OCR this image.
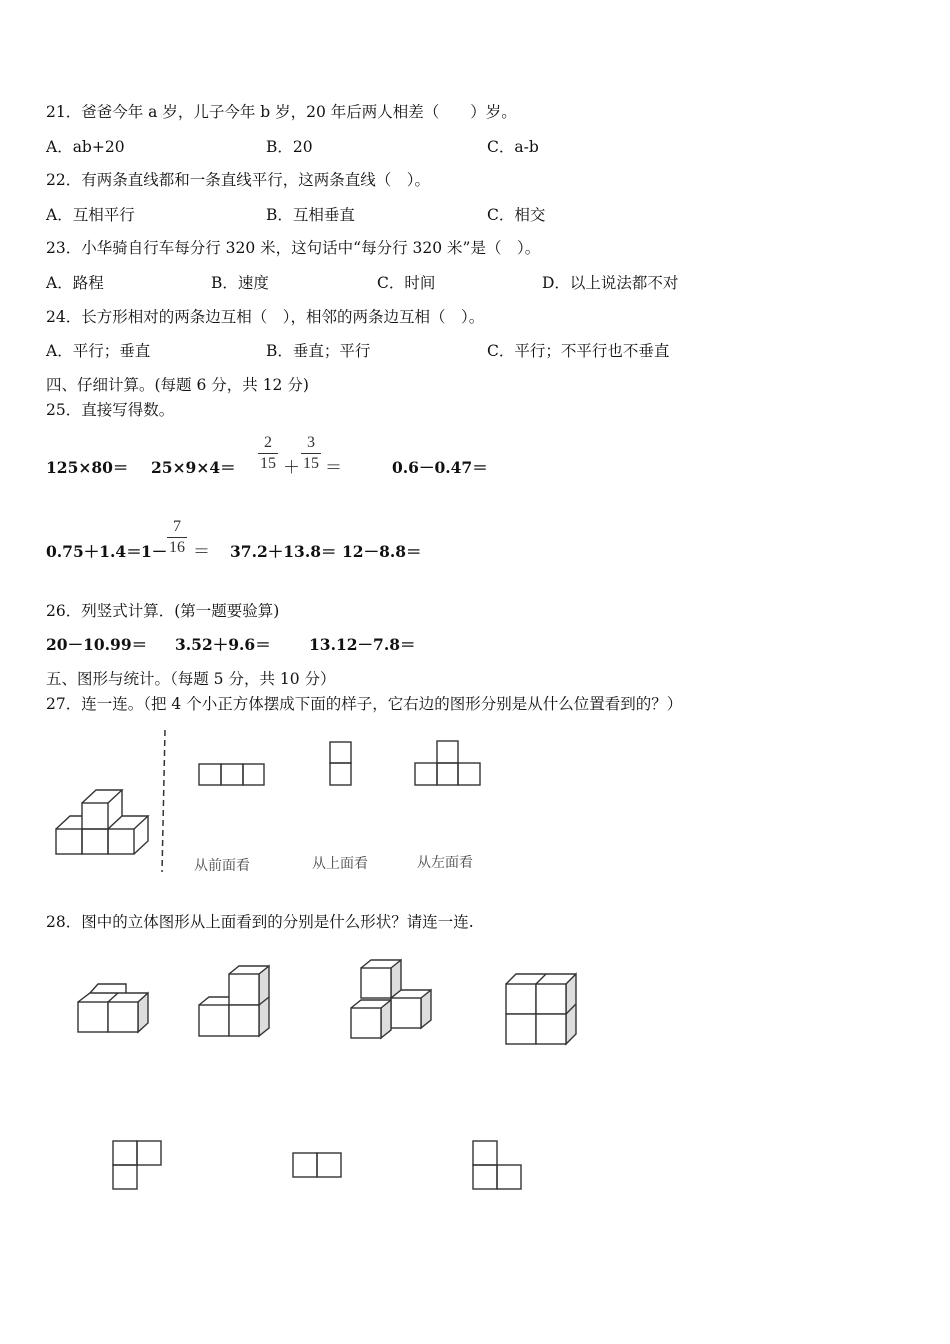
21．爸爸今年 a 岁，儿子今年 b 岁，20 年后两人相差（　　）岁。
A．ab+20	B．20	C．a-b
22．有两条直线都和一条直线平行，这两条直线（　）。
A．互相平行	B．互相垂直	C．相交
23．小华骑自行车每分行 320 米，这句话中“每分行 320 米”是（　）。
A．路程	B．速度	C．时间	D．以上说法都不对
24．长方形相对的两条边互相（　），相邻的两条边互相（　）。
A．平行；垂直	B．垂直；平行	C．平行；不平行也不垂直
四、仔细计算。(每题 6 分，共 12 分)
25．直接写得数。
$125\times 80= 25\times 9\times 4= \frac{2}{15} + \frac{3}{15}$ ＝	0.6－0.47＝
$0.75+1.4= 1- \frac{7}{16} = 37.2+13.8= 12-8.8=$
26．列竖式计算．(第一题要验算)
20－10.99＝ 3.52＋9.6＝ 13.12－7.8＝
五、图形与统计。（每题 5 分，共 10 分）
27．连一连。（把 4 个小正方体摆成下面的样子，它右边的图形分别是从什么位置看到的？）
从前面看	从上面看	从左面看
28．图中的立体图形从上面看到的分别是什么形状？请连一连.
